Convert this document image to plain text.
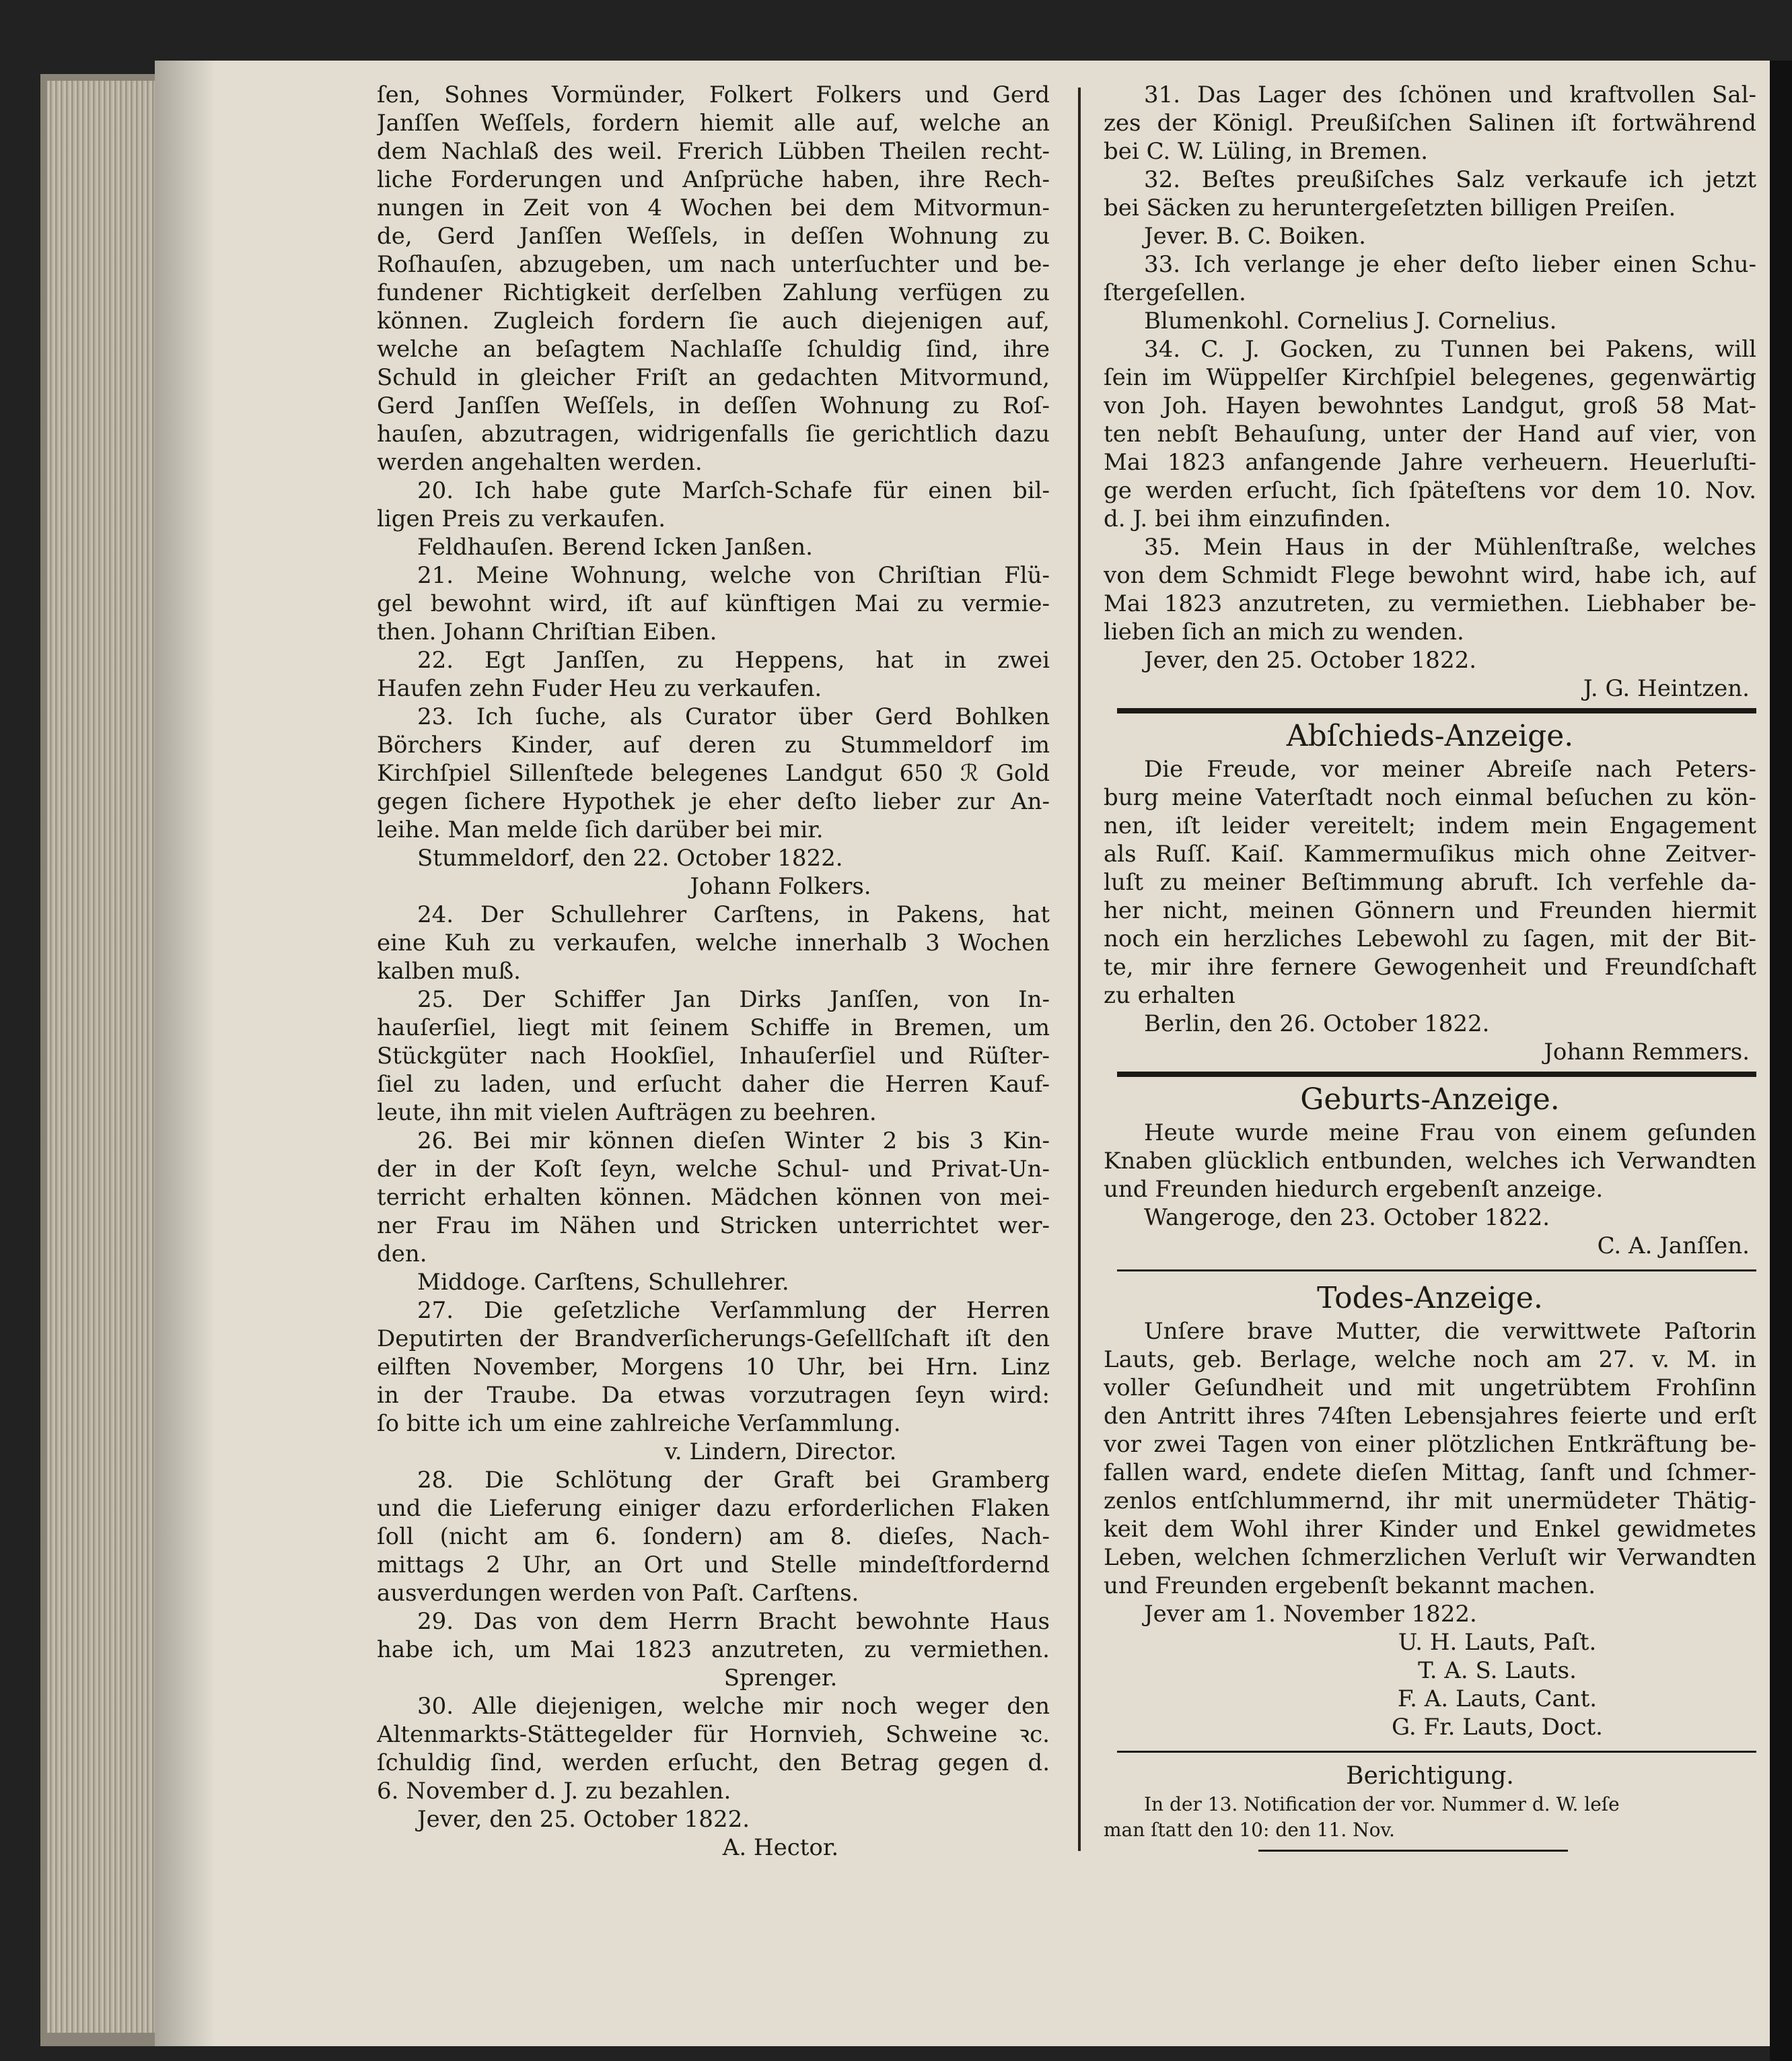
ſen, Sohnes Vormünder, Folkert Folkers und Gerd
Janſſen Weſſels, fordern hiemit alle auf, welche an
dem Nachlaß des weil. Frerich Lübben Theilen recht-
liche Forderungen und Anſprüche haben, ihre Rech-
nungen in Zeit von 4 Wochen bei dem Mitvormun-
de, Gerd Janſſen Weſſels, in deſſen Wohnung zu
Roſhauſen, abzugeben, um nach unterſuchter und be-
fundener Richtigkeit derſelben Zahlung verfügen zu
können. Zugleich fordern ſie auch diejenigen auf,
welche an beſagtem Nachlaſſe ſchuldig ſind, ihre
Schuld in gleicher Friſt an gedachten Mitvormund,
Gerd Janſſen Weſſels, in deſſen Wohnung zu Roſ-
hauſen, abzutragen, widrigenfalls ſie gerichtlich dazu
werden angehalten werden.
20. Ich habe gute Marſch-Schafe für einen bil-
ligen Preis zu verkaufen.
Feldhauſen. Berend Icken Janßen.
21. Meine Wohnung, welche von Chriſtian Flü-
gel bewohnt wird, iſt auf künftigen Mai zu vermie-
then. Johann Chriſtian Eiben.
22. Egt Janſſen, zu Heppens, hat in zwei
Haufen zehn Fuder Heu zu verkaufen.
23. Ich ſuche, als Curator über Gerd Bohlken
Börchers Kinder, auf deren zu Stummeldorf im
Kirchſpiel Sillenſtede belegenes Landgut 650 ℛ Gold
gegen ſichere Hypothek je eher deſto lieber zur An-
leihe. Man melde ſich darüber bei mir.
Stummeldorf, den 22. October 1822.
Johann Folkers.
24. Der Schullehrer Carſtens, in Pakens, hat
eine Kuh zu verkaufen, welche innerhalb 3 Wochen
kalben muß.
25. Der Schiffer Jan Dirks Janſſen, von In-
hauſerſiel, liegt mit ſeinem Schiffe in Bremen, um
Stückgüter nach Hookſiel, Inhauſerſiel und Rüſter-
ſiel zu laden, und erſucht daher die Herren Kauf-
leute, ihn mit vielen Aufträgen zu beehren.
26. Bei mir können dieſen Winter 2 bis 3 Kin-
der in der Koſt ſeyn, welche Schul- und Privat-Un-
terricht erhalten können. Mädchen können von mei-
ner Frau im Nähen und Stricken unterrichtet wer-
den.
Middoge. Carſtens, Schullehrer.
27. Die geſetzliche Verſammlung der Herren
Deputirten der Brandverſicherungs-Geſellſchaft iſt den
eilften November, Morgens 10 Uhr, bei Hrn. Linz
in der Traube. Da etwas vorzutragen ſeyn wird:
ſo bitte ich um eine zahlreiche Verſammlung.
v. Lindern, Director.
28. Die Schlötung der Graft bei Gramberg
und die Lieferung einiger dazu erforderlichen Flaken
ſoll (nicht am 6. ſondern) am 8. dieſes, Nach-
mittags 2 Uhr, an Ort und Stelle mindeſtfordernd
ausverdungen werden von Paſt. Carſtens.
29. Das von dem Herrn Bracht bewohnte Haus
habe ich, um Mai 1823 anzutreten, zu vermiethen.
Sprenger.
30. Alle diejenigen, welche mir noch weger den
Altenmarkts-Stättegelder für Hornvieh, Schweine ꝛc.
ſchuldig ſind, werden erſucht, den Betrag gegen d.
6. November d. J. zu bezahlen.
Jever, den 25. October 1822.
A. Hector.
31. Das Lager des ſchönen und kraftvollen Sal-
zes der Königl. Preußiſchen Salinen iſt fortwährend
bei C. W. Lüling, in Bremen.
32. Beſtes preußiſches Salz verkaufe ich jetzt
bei Säcken zu heruntergeſetzten billigen Preiſen.
Jever. B. C. Boiken.
33. Ich verlange je eher deſto lieber einen Schu-
ſtergeſellen.
Blumenkohl. Cornelius J. Cornelius.
34. C. J. Gocken, zu Tunnen bei Pakens, will
ſein im Wüppelſer Kirchſpiel belegenes, gegenwärtig
von Joh. Hayen bewohntes Landgut, groß 58 Mat-
ten nebſt Behauſung, unter der Hand auf vier, von
Mai 1823 anfangende Jahre verheuern. Heuerluſti-
ge werden erſucht, ſich ſpäteſtens vor dem 10. Nov.
d. J. bei ihm einzufinden.
35. Mein Haus in der Mühlenſtraße, welches
von dem Schmidt Flege bewohnt wird, habe ich, auf
Mai 1823 anzutreten, zu vermiethen. Liebhaber be-
lieben ſich an mich zu wenden.
Jever, den 25. October 1822.
J. G. Heintzen.
Abſchieds-Anzeige.
Die Freude, vor meiner Abreiſe nach Peters-
burg meine Vaterſtadt noch einmal beſuchen zu kön-
nen, iſt leider vereitelt; indem mein Engagement
als Ruſſ. Kaiſ. Kammermuſikus mich ohne Zeitver-
luſt zu meiner Beſtimmung abruft. Ich verfehle da-
her nicht, meinen Gönnern und Freunden hiermit
noch ein herzliches Lebewohl zu ſagen, mit der Bit-
te, mir ihre fernere Gewogenheit und Freundſchaft
zu erhalten
Berlin, den 26. October 1822.
Johann Remmers.
Geburts-Anzeige.
Heute wurde meine Frau von einem geſunden
Knaben glücklich entbunden, welches ich Verwandten
und Freunden hiedurch ergebenſt anzeige.
Wangeroge, den 23. October 1822.
C. A. Janſſen.
Todes-Anzeige.
Unſere brave Mutter, die verwittwete Paſtorin
Lauts, geb. Berlage, welche noch am 27. v. M. in
voller Geſundheit und mit ungetrübtem Frohſinn
den Antritt ihres 74ſten Lebensjahres feierte und erſt
vor zwei Tagen von einer plötzlichen Entkräftung be-
fallen ward, endete dieſen Mittag, ſanft und ſchmer-
zenlos entſchlummernd, ihr mit unermüdeter Thätig-
keit dem Wohl ihrer Kinder und Enkel gewidmetes
Leben, welchen ſchmerzlichen Verluſt wir Verwandten
und Freunden ergebenſt bekannt machen.
Jever am 1. November 1822.
U. H. Lauts, Paſt.
T. A. S. Lauts.
F. A. Lauts, Cant.
G. Fr. Lauts, Doct.
Berichtigung.
In der 13. Notification der vor. Nummer d. W. leſe
man ſtatt den 10: den 11. Nov.
